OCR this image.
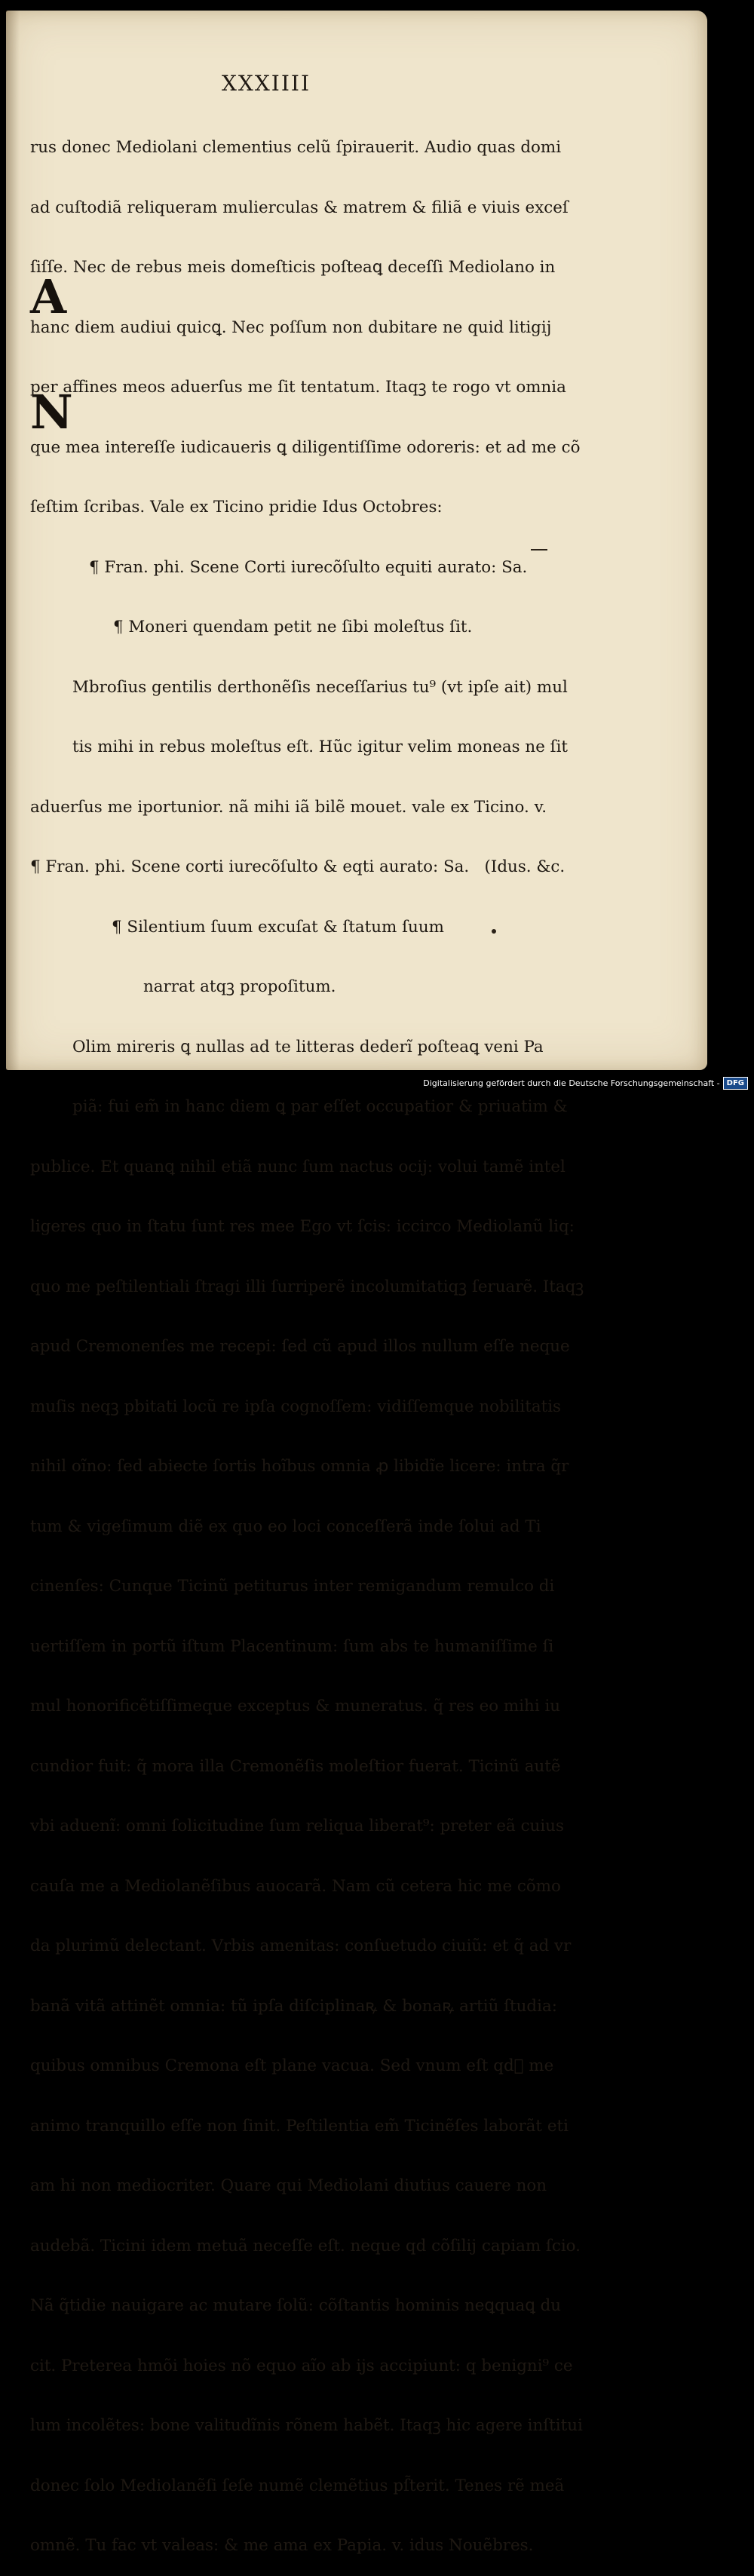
XXXIIII
A
N

rus donec Mediolani clementius celũ ſpirauerit. Audio quas domi

ad cuſtodiã reliqueram mulierculas & matrem & filiã e viuis exceſ

ſiſſe. Nec de rebus meis domeſticis poſteaꝗ deceſſi Mediolano in

hanc diem audiui quicꝗ. Nec poſſum non dubitare ne quid litigij

per affines meos aduerſus me ſit tentatum. Itaqꝫ te rogo vt omnia

que mea intereſſe iudicaueris ꝗ diligentiſſime odoreris: et ad me cõ

ſeſtim ſcribas. Vale ex Ticino pridie Idus Octobres:

¶ Fran. phi. Scene Corti iurecõſulto equiti aurato: Sa.

¶ Moneri quendam petit ne ſibi moleſtus ſit.

Mbroſius gentilis derthonẽſis neceſſarius tu⁹ (vt ipſe ait) mul

tis mihi in rebus moleſtus eſt. Hũc igitur velim moneas ne ſit

aduerſus me iportunior. nã mihi iã bilẽ mouet. vale ex Ticino. v.

¶ Fran. phi. Scene corti iurecõſulto & eqti aurato: Sa.   (Idus. &c.

¶ Silentium ſuum excuſat & ſtatum ſuum

narrat atqꝫ propoſitum.

Olim mireris ꝗ nullas ad te litteras dederĩ poſteaꝗ veni Pa

piã: fui em̃ in hanc diem ꝗ par eſſet occupatior & priuatim &

publice. Et quanꝗ nihil etiã nunc ſum nactus ocij: volui tamẽ intel

ligeres quo in ſtatu ſunt res mee Ego vt ſcis: iccirco Mediolanũ liq:

quo me peſtilentiali ſtragi illi ſurriperẽ incolumitatiqꝫ ſeruarẽ. Itaqꝫ

apud Cremonenſes me recepi: ſed cũ apud illos nullum eſſe neque

muſis neqꝫ pbitati locũ re ipſa cognoſſem: vidiſſemque nobilitatis

nihil oĩno: ſed abiecte ſortis hoĩbus omnia ꝓ libidĩe licere: intra q̃r

tum & vigeſimum diẽ ex quo eo loci conceſſerã inde ſolui ad Ti

cinenſes: Cunque Ticinũ petiturus inter remigandum remulco di

uertiſſem in portũ iſtum Placentinum: ſum abs te humaniſſime ſi

mul honorificẽtiſſimeque exceptus & muneratus. q̃ res eo mihi iu

cundior fuit: q̃ mora illa Cremonẽſis moleſtior fuerat. Ticinũ autẽ

vbi aduenĩ: omni ſolicitudine ſum reliqua liberat⁹: preter eã cuius

cauſa me a Mediolanẽſibus auocarã. Nam cũ cetera hic me cõmo

da plurimũ delectant. Vrbis amenitas: conſuetudo ciuiũ: et q̃ ad vr

banã vitã attinẽt omnia: tũ ipſa diſciplinaꝶ & bonaꝶ artiũ ſtudia:

quibus omnibus Cremona eſt plane vacua. Sed vnum eſt qd᷑ me

animo tranquillo eſſe non ſinit. Peſtilentia em̃ Ticinẽſes laborãt eti

am hi non mediocriter. Quare qui Mediolani diutius cauere non

audebã. Ticini idem metuã neceſſe eſt. neque qd cõſilij capiam ſcio.

Nã q̃tidie nauigare ac mutare ſolũ: cõſtantis hominis neꝗquaꝗ du

cit. Preterea hmõi hoies nõ equo aĩo ab ijs accipiunt: q benigni⁹ ce

lum incolẽtes: bone valitudĩnis rõnem habẽt. Itaqꝫ hic agere inſtitui

donec ſolo Mediolanẽſi ſeſe numẽ clemẽtius pſ̃terit. Tenes rẽ meã

omnẽ. Tu fac vt valeas: & me ama ex Papia. v. idus Nouẽbres.

Digitalisierung gefördert durch die Deutsche Forschungsgemeinschaft - DFG
